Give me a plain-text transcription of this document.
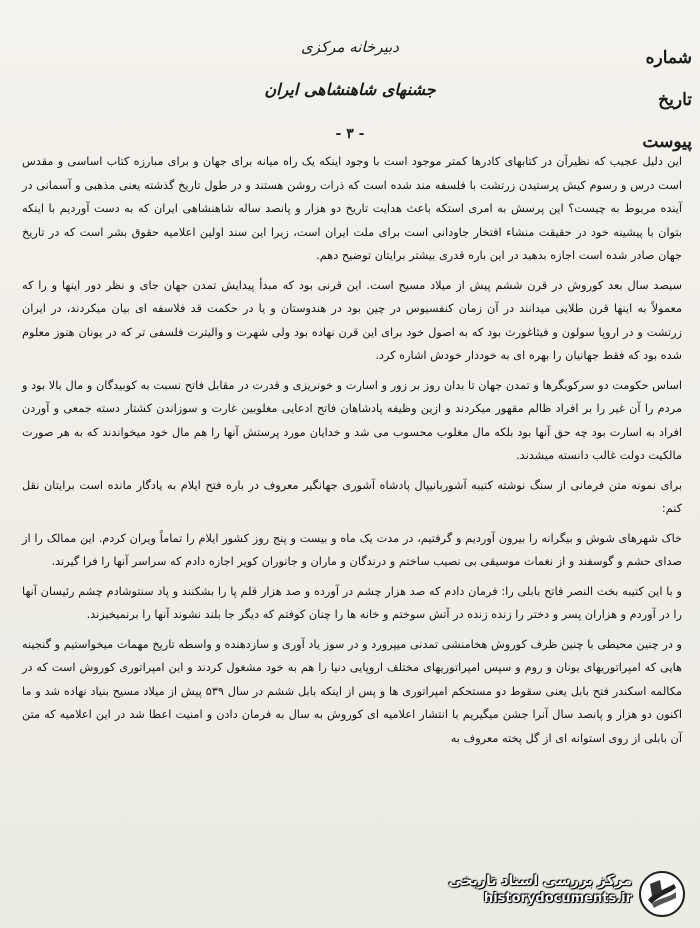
شماره
تاریخ
پیوست
دبیرخانه مرکزی
جشنهای شاهنشاهی ایران
- ۳ -

این دلیل عجیب که نظیرآن در کتابهای کادرها کمتر موجود است با وجود اینکه یک راه میانه برای جهان و برای مبارزه کتاب اساسی و مقدس است درس و رسوم کیش پرستیدن زرتشت با فلسفه مند شده است که ذرات روشن هستند و در طول تاریخ گذشته یعنی مذهبی و آسمانی در آینده مربوط به چیست؟ این پرسش به امری استکه باعث هدایت تاریخ دو هزار و پانصد ساله شاهنشاهی ایران که به دست آوردیم با اینکه بتوان با پیشینه خود در حقیقت منشاء افتخار جاودانی است برای ملت ایران است، زیرا این سند اولین اعلامیه حقوق بشر است که در تاریخ جهان صادر شده است اجازه بدهید در این باره قدری بیشتر برایتان توضیح دهم.

سیصد سال بعد کوروش در قرن ششم پیش از میلاد مسیح است. این قرنی بود که مبدأ پیدایش تمدن جهان جای و نظر دور اینها و را که معمولاً به اینها قرن طلایی میدانند در آن زمان کنفسیوس در چین بود در هندوستان و یا در حکمت قد فلاسفه ای بیان میکردند، در ایران زرتشت و در اروپا سولون و فیثاغورث بود که به اصول خود برای این قرن نهاده بود ولی شهرت و والیترت فلسفی تر که در یونان هنوز معلوم شده بود که فقط جهانیان را بهره ای به خوددار خودش اشاره کرد.

اساس حکومت دو سرکوبگرها و تمدن جهان تا بدان روز بر زور و اسارت و خونریزی و قدرت در مقابل فاتح نسبت به کوبیدگان و مال بالا بود و مردم را آن غیر را بر افراد ظالم مقهور میکردند و ازین وظیفه پادشاهان فاتح ادعایی مغلوبین غارت و سوزاندن کشتار دسته جمعی و آوردن افراد به اسارت بود چه حق آنها بود بلکه مال مغلوب محسوب می شد و خدایان مورد پرستش آنها را هم مال خود میخواندند که به هر صورت مالکیت دولت غالب دانسته میشدند.

برای نمونه متن فرمانی از سنگ نوشته کتیبه آشوربانیپال پادشاه آشوری جهانگیر معروف در باره فتح ایلام به یادگار مانده است برایتان نقل کنم:

خاک شهرهای شوش و بیگرانه را بیرون آوردیم و گرفتیم، در مدت یک ماه و بیست و پنج روز کشور ایلام را تماماً ویران کردم. این ممالک را از صدای حشم و گوسفند و از نغمات موسیقی بی نصیب ساختم و درندگان و ماران و جانوران کویر اجازه دادم که سراسر آنها را فرا گیرند.

و با این کتیبه بخت النصر فاتح بابلی را: فرمان دادم که صد هزار چشم در آورده و صد هزار قلم پا را بشکنند و پاد سنتوشادم چشم رئیسان آنها را در آوردم و هزاران پسر و دختر را زنده زنده در آتش سوختم و خانه ها را چنان کوفتم که دیگر جا بلند نشوند آنها را برنمیخیزند.

و در چنین محیطی با چنین ظرف کوروش هخامنشی تمدنی میپرورد و در سوز یاد آوری و سازدهنده و واسطه تاریخ مهمات میخواستیم و گنجینه هایی که امپراتوریهای یونان و روم و سپس امپراتوریهای مختلف اروپایی دنیا را هم به خود مشغول کردند و این امپراتوری کوروش است که در مکالمه اسکندر فتح بابل یعنی سقوط دو مستحکم امپراتوری ها و پس از اینکه بابل ششم در سال ۵۳۹ پیش از میلاد مسیح بنیاد نهاده شد و ما اکنون دو هزار و پانصد سال آنرا جشن میگیریم با انتشار اعلامیه ای کوروش به سال به فرمان دادن و امنیت اعطا شد در این اعلامیه که متن آن بابلی از روی استوانه ای از گل پخته معروف به

مرکز بررسی اسناد تاریخی
historydocuments.ir
